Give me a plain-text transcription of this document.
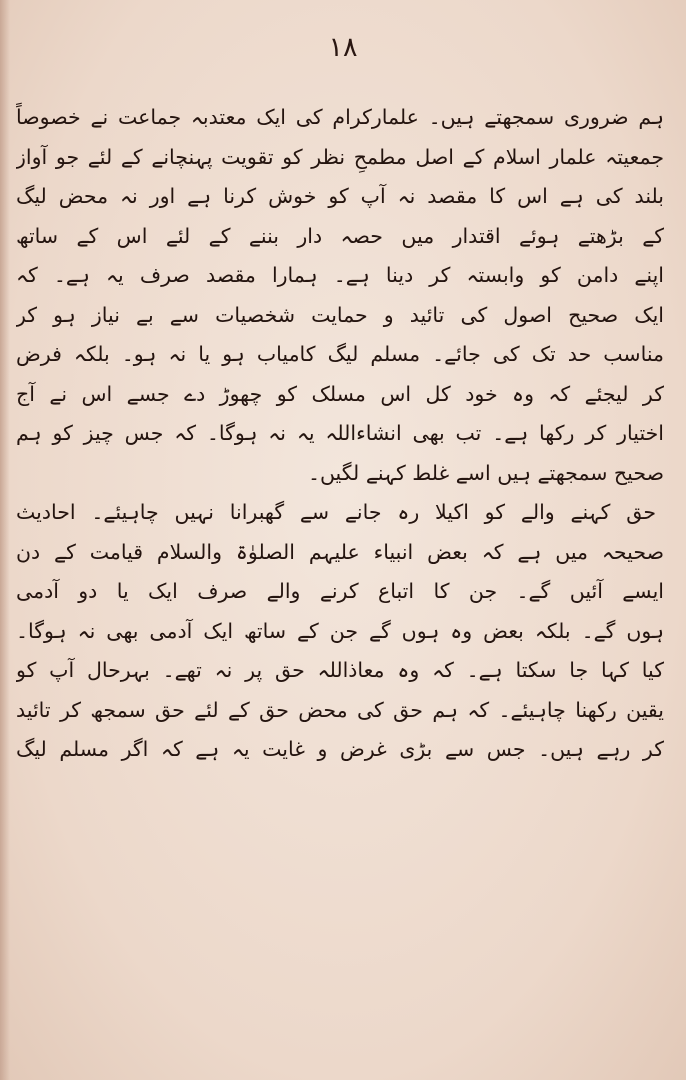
١٨
ہم ضروری سمجھتے ہیں۔ علمارکرام کی ایک معتدبہ جماعت نے خصوصاً
جمعیتہ علمار اسلام کے اصل مطمحِ نظر کو تقویت پہنچانے کے لئے جو آواز
بلند کی ہے اس کا مقصد نہ آپ کو خوش کرنا ہے اور نہ محض لیگ
کے بڑھتے ہوئے اقتدار میں حصہ دار بننے کے لئے اس کے ساتھ
اپنے دامن کو وابستہ کر دینا ہے۔ ہمارا مقصد صرف یہ ہے۔ کہ
ایک صحیح اصول کی تائید و حمایت شخصیات سے بے نیاز ہو کر
مناسب حد تک کی جائے۔ مسلم لیگ کامیاب ہو یا نہ ہو۔ بلکہ فرض
کر لیجئے کہ وہ خود کل اس مسلک کو چھوڑ دے جسے اس نے آج
اختیار کر رکھا ہے۔ تب بھی انشاءاللہ یہ نہ ہوگا۔ کہ جس چیز کو ہم
صحیح سمجھتے ہیں اسے غلط کہنے لگیں۔
حق کہنے والے کو اکیلا رہ جانے سے گھبرانا نہیں چاہیئے۔ احادیث
صحیحہ میں ہے کہ بعض انبیاء علیہم الصلوٰۃ والسلام قیامت کے دن
ایسے آئیں گے۔ جن کا اتباع کرنے والے صرف ایک یا دو آدمی
ہوں گے۔ بلکہ بعض وہ ہوں گے جن کے ساتھ ایک آدمی بھی نہ ہوگا۔
کیا کہا جا سکتا ہے۔ کہ وہ معاذاللہ حق پر نہ تھے۔ بہرحال آپ کو
یقین رکھنا چاہیئے۔ کہ ہم حق کی محض حق کے لئے حق سمجھ کر تائید
کر رہے ہیں۔ جس سے بڑی غرض و غایت یہ ہے کہ اگر مسلم لیگ
